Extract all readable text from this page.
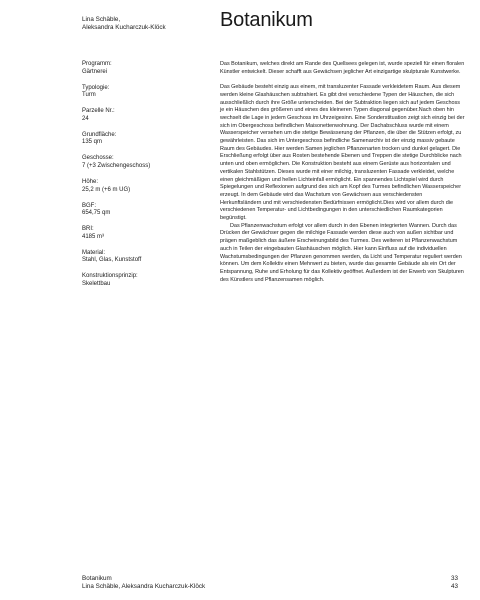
Lina Schäble,
Aleksandra Kucharczuk-Klöck	Botanikum
Programm:
Gärtnerei
Typologie:
Turm
Parzelle Nr.:
24
Grundfläche:
135 qm
Geschosse:
7 (+3 Zwischengeschoss)
Höhe:
25,2 m (+6 m UG)
BGF:
654,75 qm
BRI:
4185 m³
Material:
Stahl, Glas, Kunststoff
Konstruktionsprinzip:
Skelettbau

Das Botanikum, welches direkt am Rande des Quellsees gelegen ist, wurde speziell für einen floralen Künstler entwickelt. Dieser schafft aus Gewächsen jeglicher Art einzigartige skulpturale Kunstwerke.

Das Gebäude besteht einzig aus einem, mit transluzenter Fassade verkleidetem Raum. Aus diesem werden kleine Glashäuschen subtrahiert. Es gibt drei verschiedene Typen der Häuschen, die sich ausschließlich durch ihre Größe unterscheiden. Bei der Subtraktion liegen sich auf jedem Geschoss je ein Häuschen des größeren und eines des kleineren Typen diagonal gegenüber.Nach oben hin wechselt die Lage in jedem Geschoss im Uhrzeigesinn. Eine Sonderstituation zeigt sich einzig bei der sich im Obergeschoss befindlichen Maisonettenwohnung. Der Dachabschluss wurde mit einem Wasserspeicher versehen um die stetige Bewässerung der Pflanzen, die über die Stützen erfolgt, zu gewährleisten. Das sich im Untergeschoss befindliche Samenarchiv ist der einzig massiv gebaute Raum des Gebäudes. Hier werden Samen jeglichen Pflanzenarten trocken und dunkel gelagert. Die Erschließung erfolgt über aus Rosten bestehende Ebenen und Treppen die stetige Durchblicke nach unten und oben ermöglichen. Die Konstruktion besteht aus einem Gerüste aus horizontalen und vertikalen Stahlstützen. Dieses wurde mit einer milchig, transluzenten Fassade verkleidet, welche einen gleichmäßigen und hellen Lichteinfall ermöglicht. Ein spannendes Lichtspiel wird durch Spiegelungen und Reflexionen aufgrund des sich am Kopf des Turmes befindlichen Wasserspeicher erzeugt. In dem Gebäude wird das Wachstum von Gewächsen aus verschiedensten Herkunftsländern und mit verschiedensten Bedürfnissen ermöglicht.Dies wird vor allem durch die verschiedenen Temperatur- und Lichtbedingungen in den unterschiedlichen Raumkategorien begünstigt.

Das Pflanzenwachstum erfolgt vor allem durch in den Ebenen integrierten Wannen. Durch das Drücken der Gewächser gegen die milchige Fassade werden diese auch von außen sichtbar und prägen maßgeblich das äußere Erscheinungsbild des Turmes. Des weiteren ist Pflanzenwachstum auch in Teilen der eingebauten Glashäuschen möglich. Hier kann Einfluss auf die individuellen Wachstumsbedingungen der Pflanzen genommen werden, da Licht und Temperatur reguliert werden können. Um dem Kollektiv einen Mehrwert zu bieten, wurde das gesamte Gebäude als ein Ort der Entspannung, Ruhe und Erholung für das Kollektiv geöffnet. Außerdem ist der Erwerb von Skulpturen des Künstlers und Pflanzensamen möglich.

Botanikum
Lina Schäble, Aleksandra Kucharczuk-Klöck
33
43
